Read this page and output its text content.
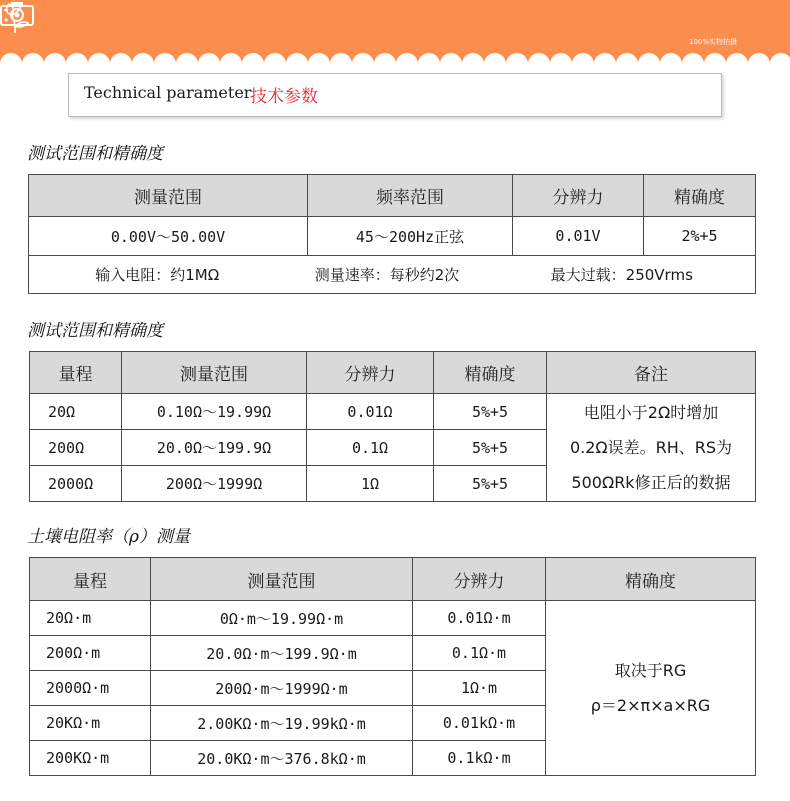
100%实物拍摄
Technical parameter
技术参数
测试范围和精确度
测量范围	频率范围	分辨力	精确度
0.00V～50.00V	45～200Hz正弦	0.01V	2%+5
输入电阻：约1MΩ 测量速率：每秒约2次 最大过载：250Vrms			
测试范围和精确度
量程	测量范围	分辨力	精确度	备注
20Ω	0.10Ω～19.99Ω	0.01Ω	5%+5	电阻小于2Ω时增加
0.2Ω误差。RH、RS为
500ΩRk修正后的数据

200Ω	20.0Ω～199.9Ω	0.1Ω	5%+5	
2000Ω	200Ω～1999Ω	1Ω	5%+5	
土壤电阻率（ρ）测量
量程	测量范围	分辨力	精确度
20Ω·m	0Ω·m～19.99Ω·m	0.01Ω·m	取决于RG
ρ＝2×π×a×RG

200Ω·m	20.0Ω·m～199.9Ω·m	0.1Ω·m	
2000Ω·m	200Ω·m～1999Ω·m	1Ω·m	
20KΩ·m	2.00KΩ·m～19.99kΩ·m	0.01kΩ·m	
200KΩ·m	20.0KΩ·m～376.8kΩ·m	0.1kΩ·m	
